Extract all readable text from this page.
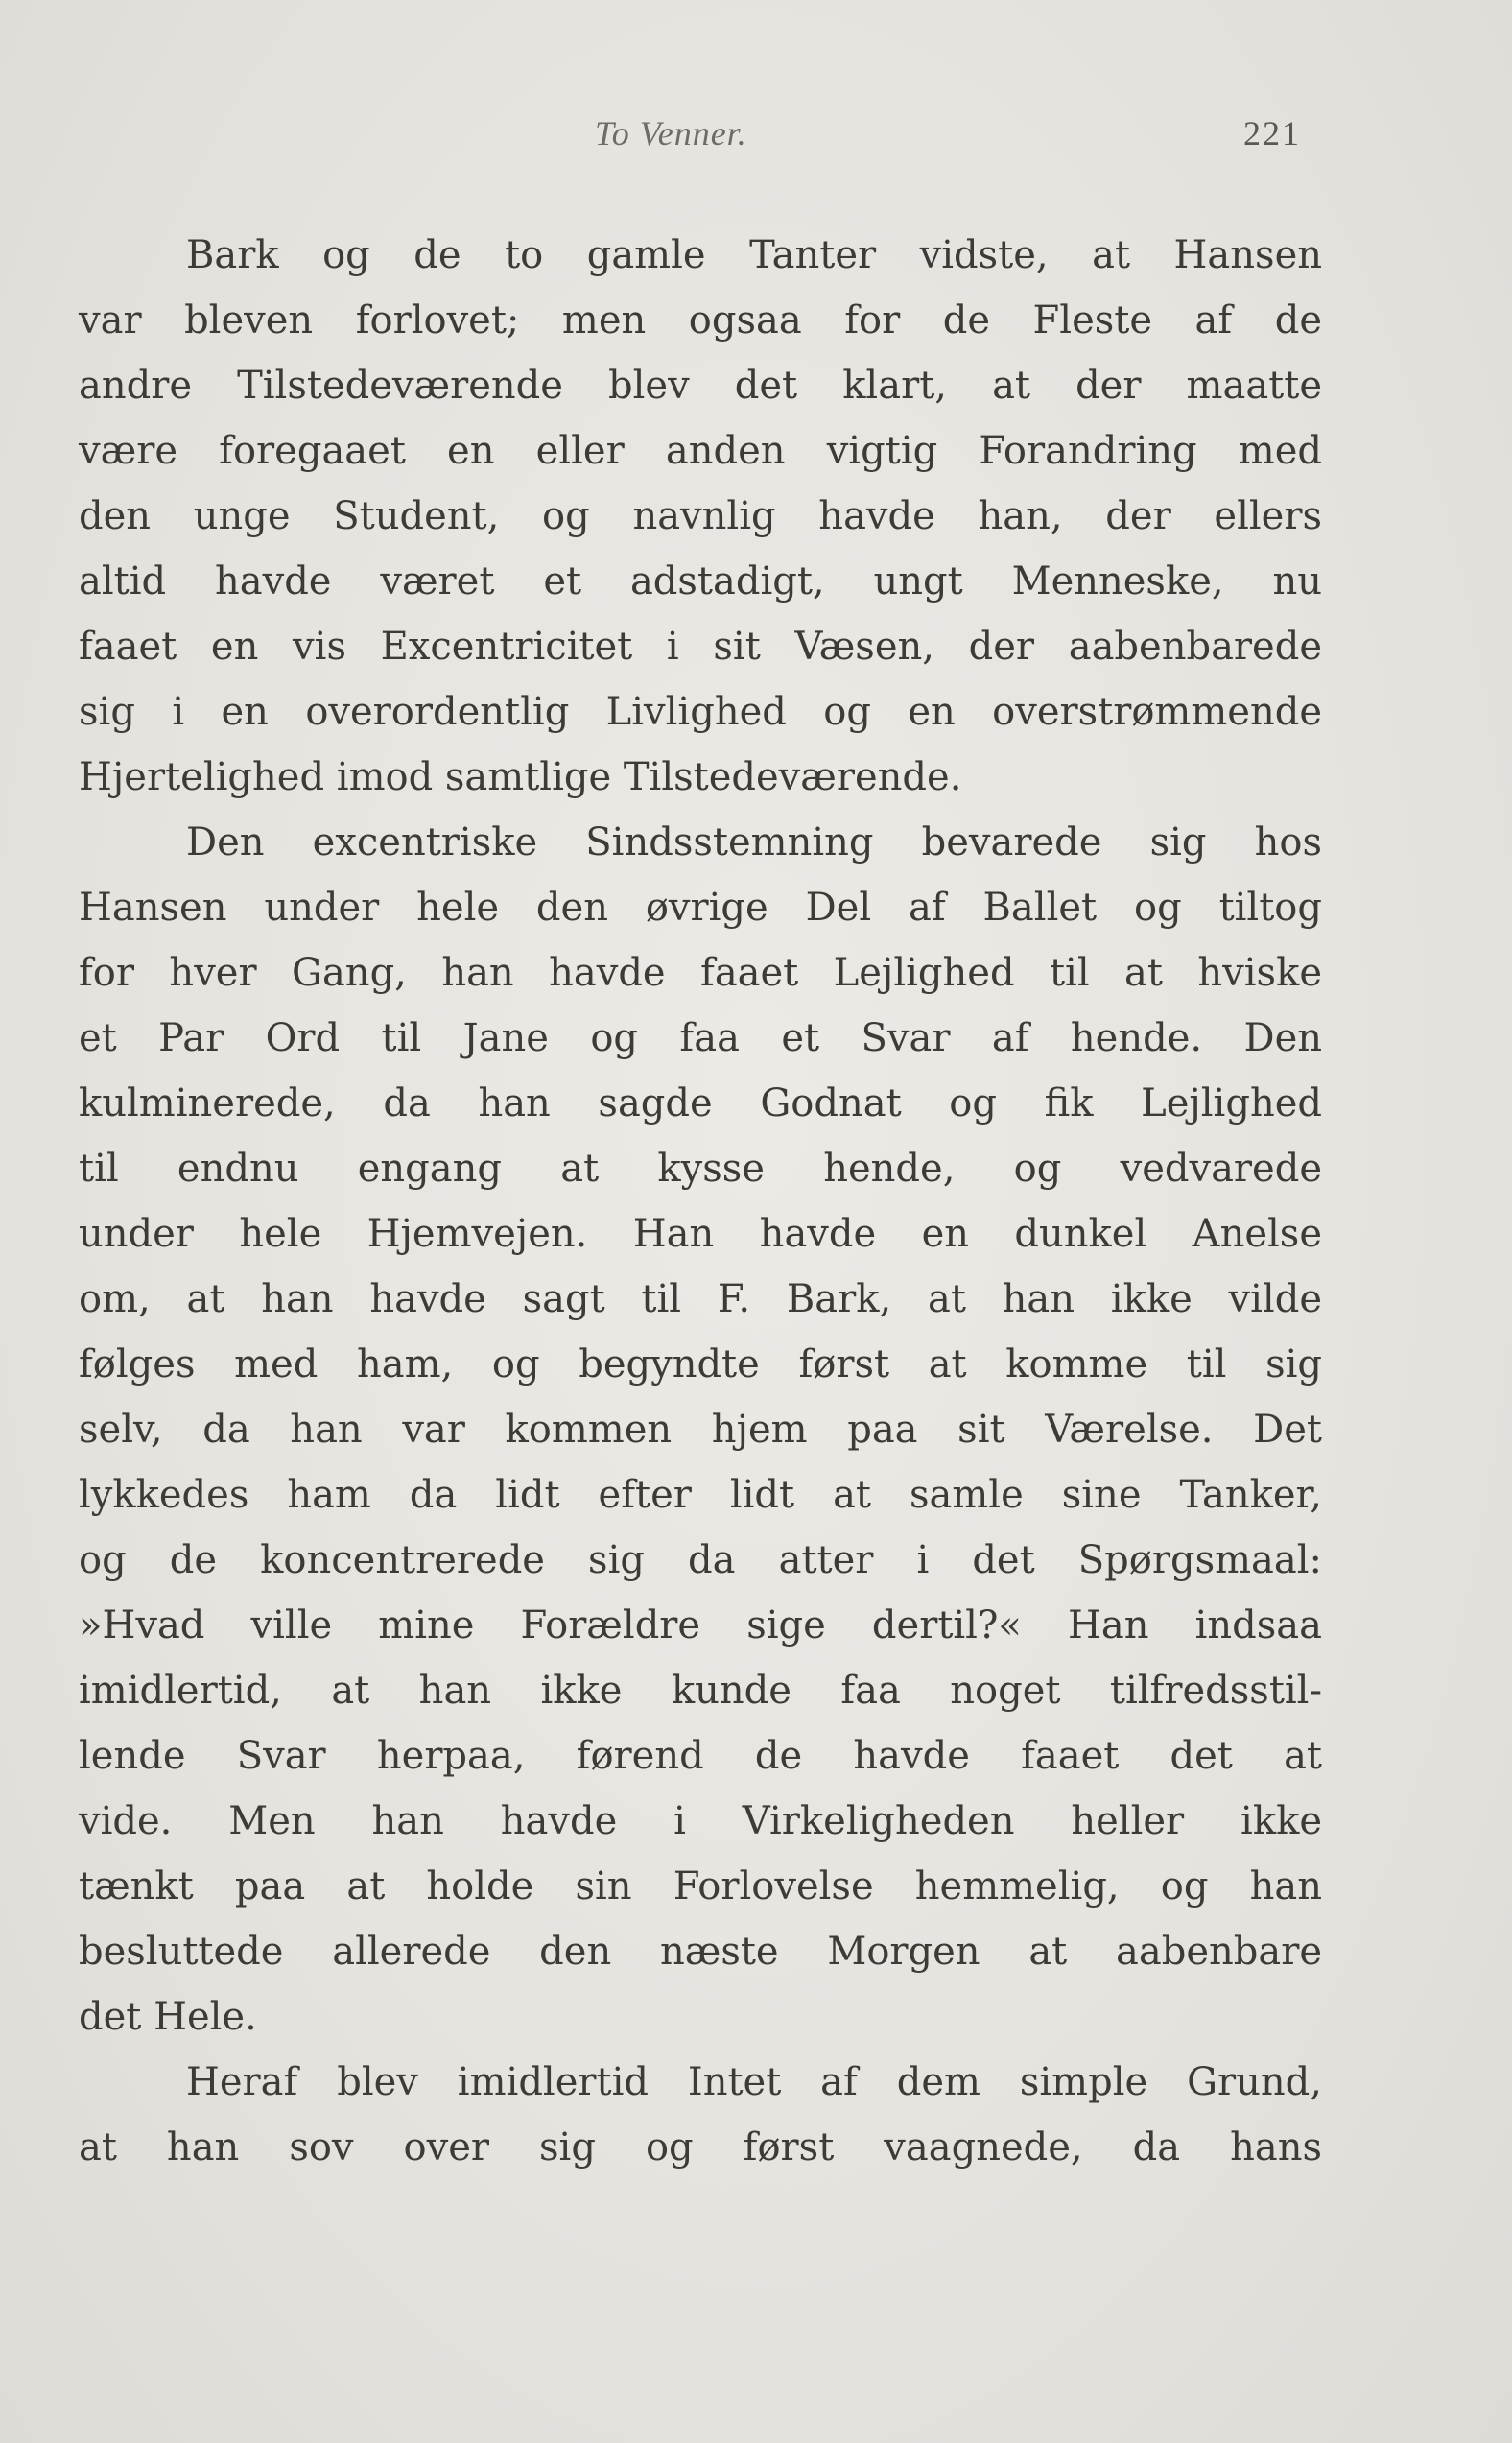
To Venner.	221
Bark og de to gamle Tanter vidste, at Hansen
var bleven forlovet; men ogsaa for de Fleste af de
andre Tilstedeværende blev det klart, at der maatte
være foregaaet en eller anden vigtig Forandring med
den unge Student, og navnlig havde han, der ellers
altid havde været et adstadigt, ungt Menneske, nu
faaet en vis Excentricitet i sit Væsen, der aabenbarede
sig i en overordentlig Livlighed og en overstrømmende
Hjertelighed imod samtlige Tilstedeværende.
Den excentriske Sindsstemning bevarede sig hos
Hansen under hele den øvrige Del af Ballet og tiltog
for hver Gang, han havde faaet Lejlighed til at hviske
et Par Ord til Jane og faa et Svar af hende. Den
kulminerede, da han sagde Godnat og fik Lejlighed
til endnu engang at kysse hende, og vedvarede
under hele Hjemvejen. Han havde en dunkel Anelse
om, at han havde sagt til F. Bark, at han ikke vilde
følges med ham, og begyndte først at komme til sig
selv, da han var kommen hjem paa sit Værelse. Det
lykkedes ham da lidt efter lidt at samle sine Tanker,
og de koncentrerede sig da atter i det Spørgsmaal:
»Hvad ville mine Forældre sige dertil?« Han indsaa
imidlertid, at han ikke kunde faa noget tilfredsstil-
lende Svar herpaa, førend de havde faaet det at
vide. Men han havde i Virkeligheden heller ikke
tænkt paa at holde sin Forlovelse hemmelig, og han
besluttede allerede den næste Morgen at aabenbare
det Hele.
Heraf blev imidlertid Intet af dem simple Grund,
at han sov over sig og først vaagnede, da hans
